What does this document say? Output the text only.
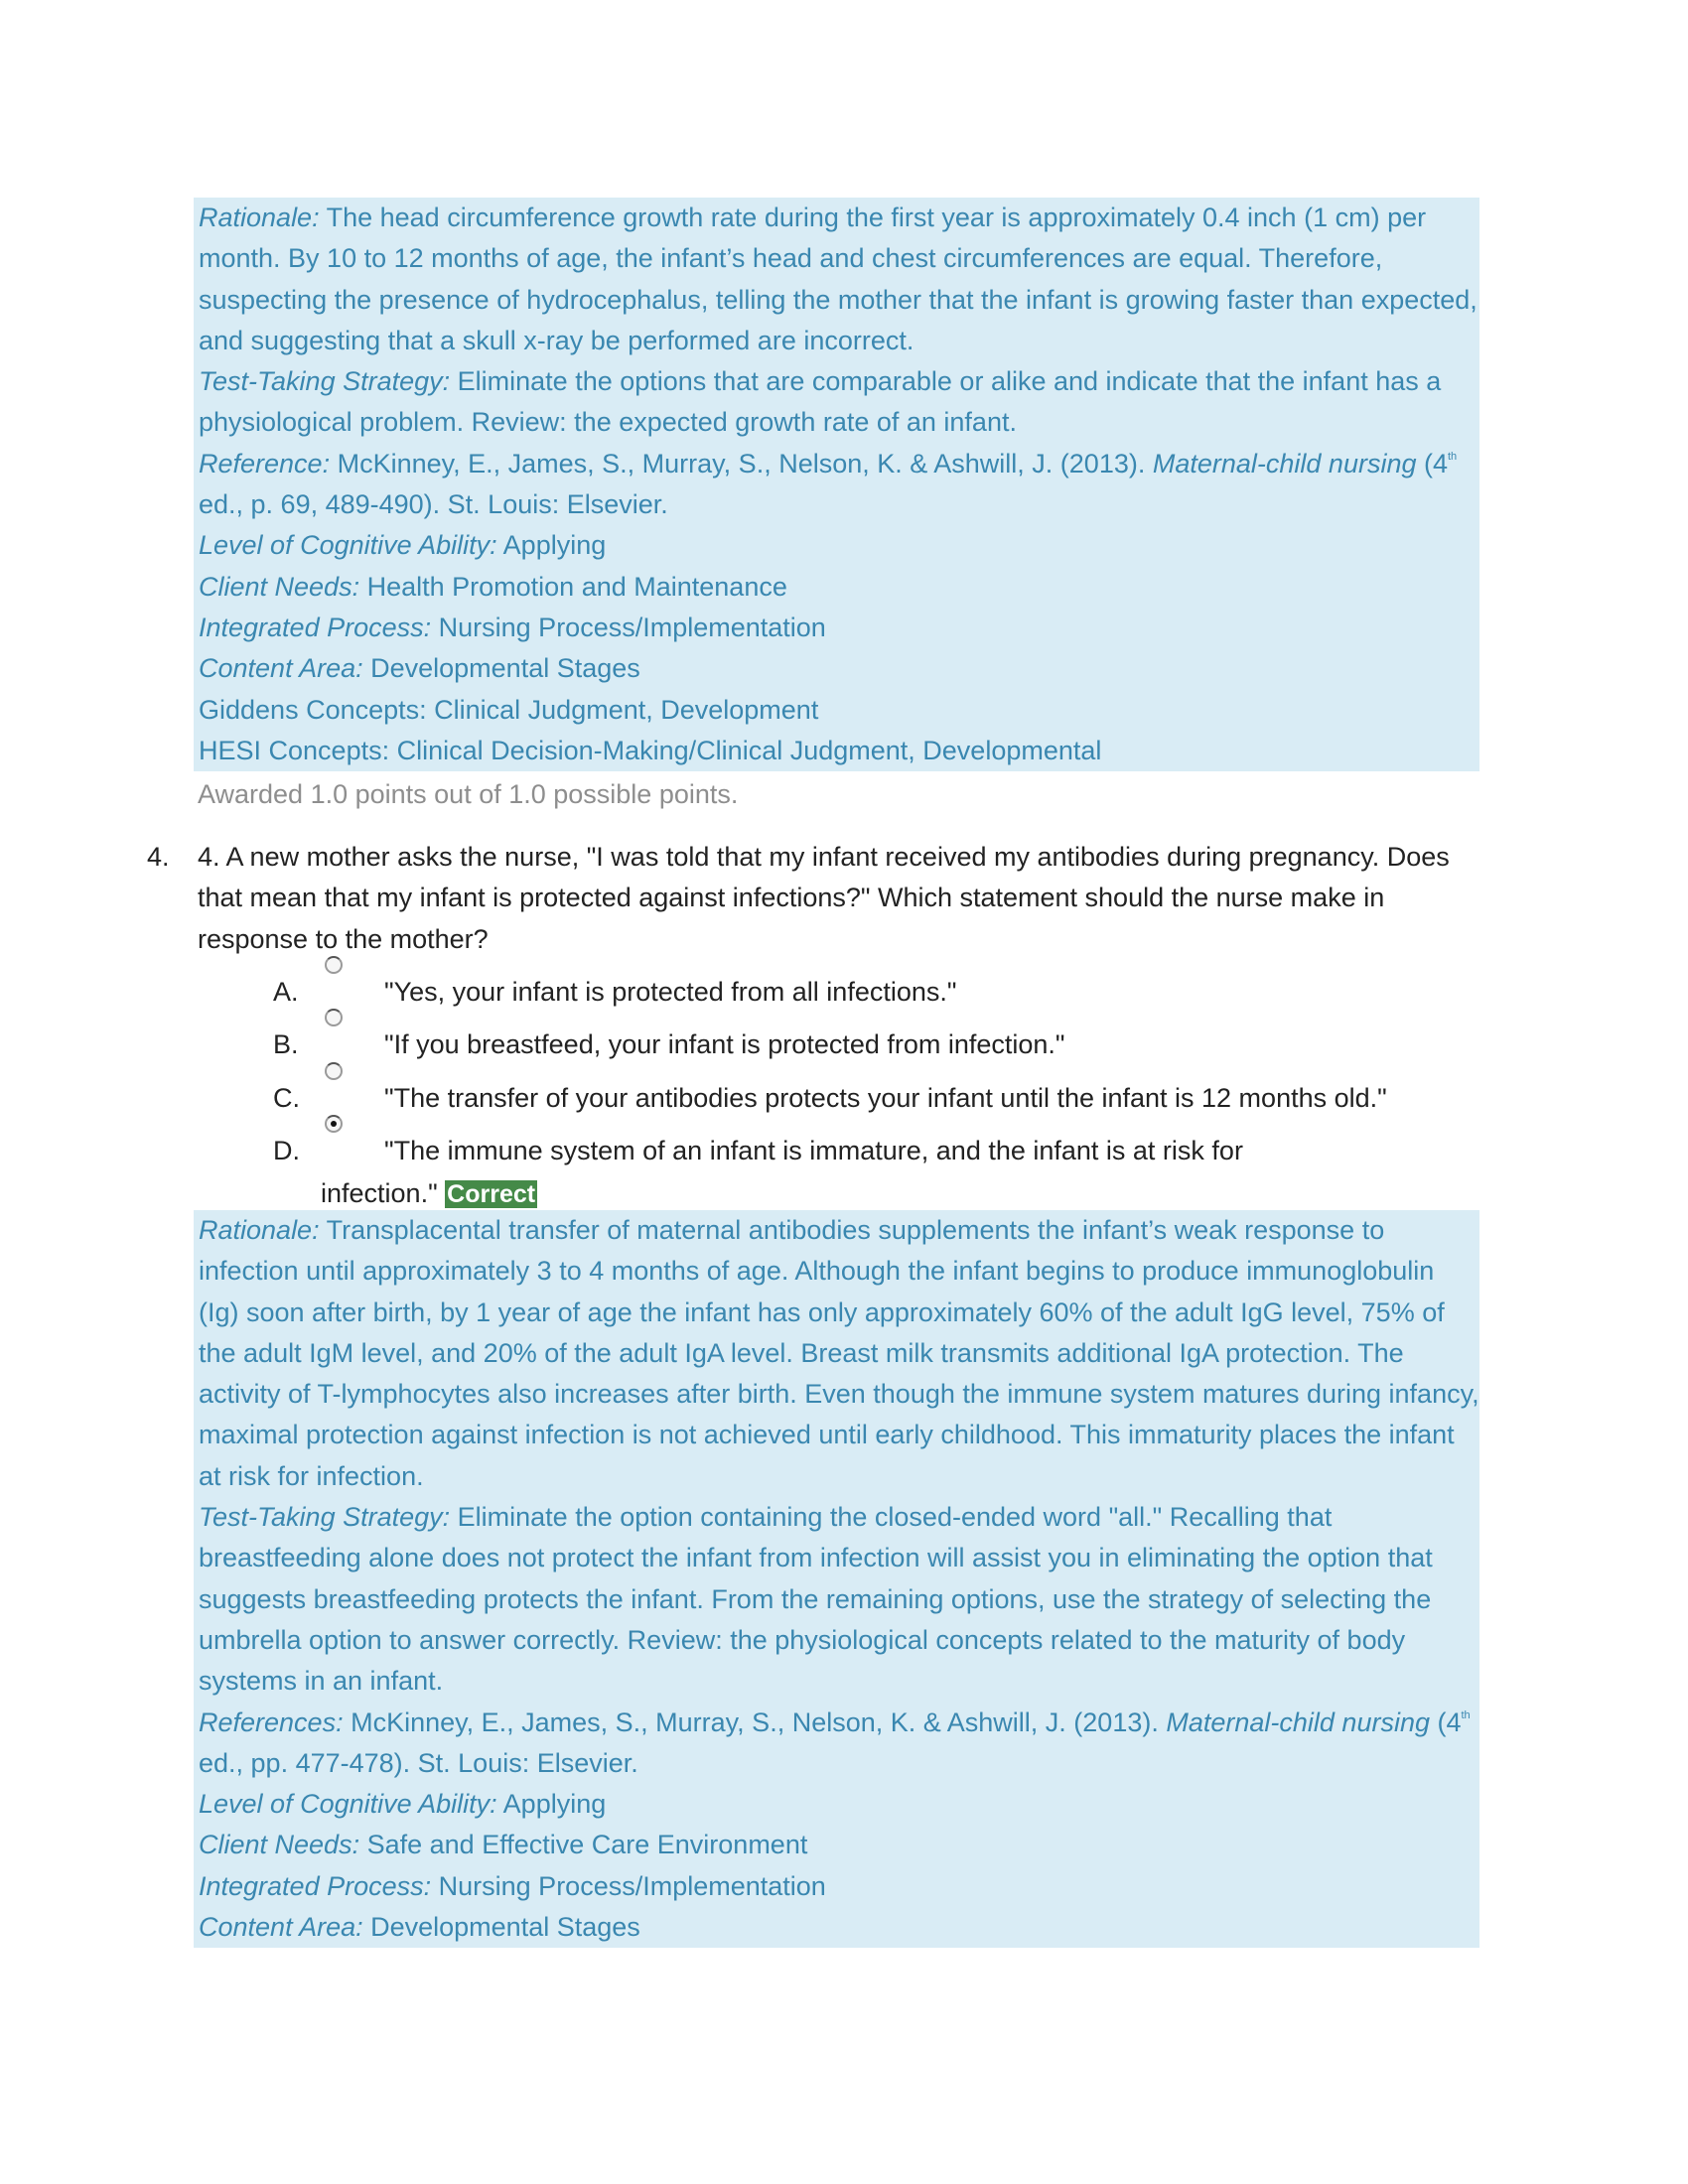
Rationale: The head circumference growth rate during the first year is approximately 0.4 inch (1 cm) per month. By 10 to 12 months of age, the infant’s head and chest circumferences are equal. Therefore, suspecting the presence of hydrocephalus, telling the mother that the infant is growing faster than expected, and suggesting that a skull x-ray be performed are incorrect.

Test-Taking Strategy: Eliminate the options that are comparable or alike and indicate that the infant has a physiological problem. Review: the expected growth rate of an infant.

Reference: McKinney, E., James, S., Murray, S., Nelson, K. & Ashwill, J. (2013). Maternal-child nursing (4th ed., p. 69, 489-490). St. Louis: Elsevier.

Level of Cognitive Ability: Applying

Client Needs: Health Promotion and Maintenance

Integrated Process: Nursing Process/Implementation

Content Area: Developmental Stages

Giddens Concepts: Clinical Judgment, Development

HESI Concepts: Clinical Decision-Making/Clinical Judgment, Developmental

Awarded 1.0 points out of 1.0 possible points.
4. 4. A new mother asks the nurse, "I was told that my infant received my antibodies during pregnancy. Does that mean that my infant is protected against infections?" Which statement should the nurse make in response to the mother?
A.	"Yes, your infant is protected from all infections."
B.	"If you breastfeed, your infant is protected from infection."
C.	"The transfer of your antibodies protects your infant until the infant is 12 months old."
D.	"The immune system of an infant is immature, and the infant is at risk for
infection." Correct

Rationale: Transplacental transfer of maternal antibodies supplements the infant’s weak response to infection until approximately 3 to 4 months of age. Although the infant begins to produce immunoglobulin (Ig) soon after birth, by 1 year of age the infant has only approximately 60% of the adult IgG level, 75% of the adult IgM level, and 20% of the adult IgA level. Breast milk transmits additional IgA protection. The activity of T-lymphocytes also increases after birth. Even though the immune system matures during infancy, maximal protection against infection is not achieved until early childhood. This immaturity places the infant at risk for infection.

Test-Taking Strategy: Eliminate the option containing the closed-ended word "all." Recalling that breastfeeding alone does not protect the infant from infection will assist you in eliminating the option that suggests breastfeeding protects the infant. From the remaining options, use the strategy of selecting the umbrella option to answer correctly. Review: the physiological concepts related to the maturity of body systems in an infant.

References: McKinney, E., James, S., Murray, S., Nelson, K. & Ashwill, J. (2013). Maternal-child nursing (4th ed., pp. 477-478). St. Louis: Elsevier.

Level of Cognitive Ability: Applying

Client Needs: Safe and Effective Care Environment

Integrated Process: Nursing Process/Implementation

Content Area: Developmental Stages
